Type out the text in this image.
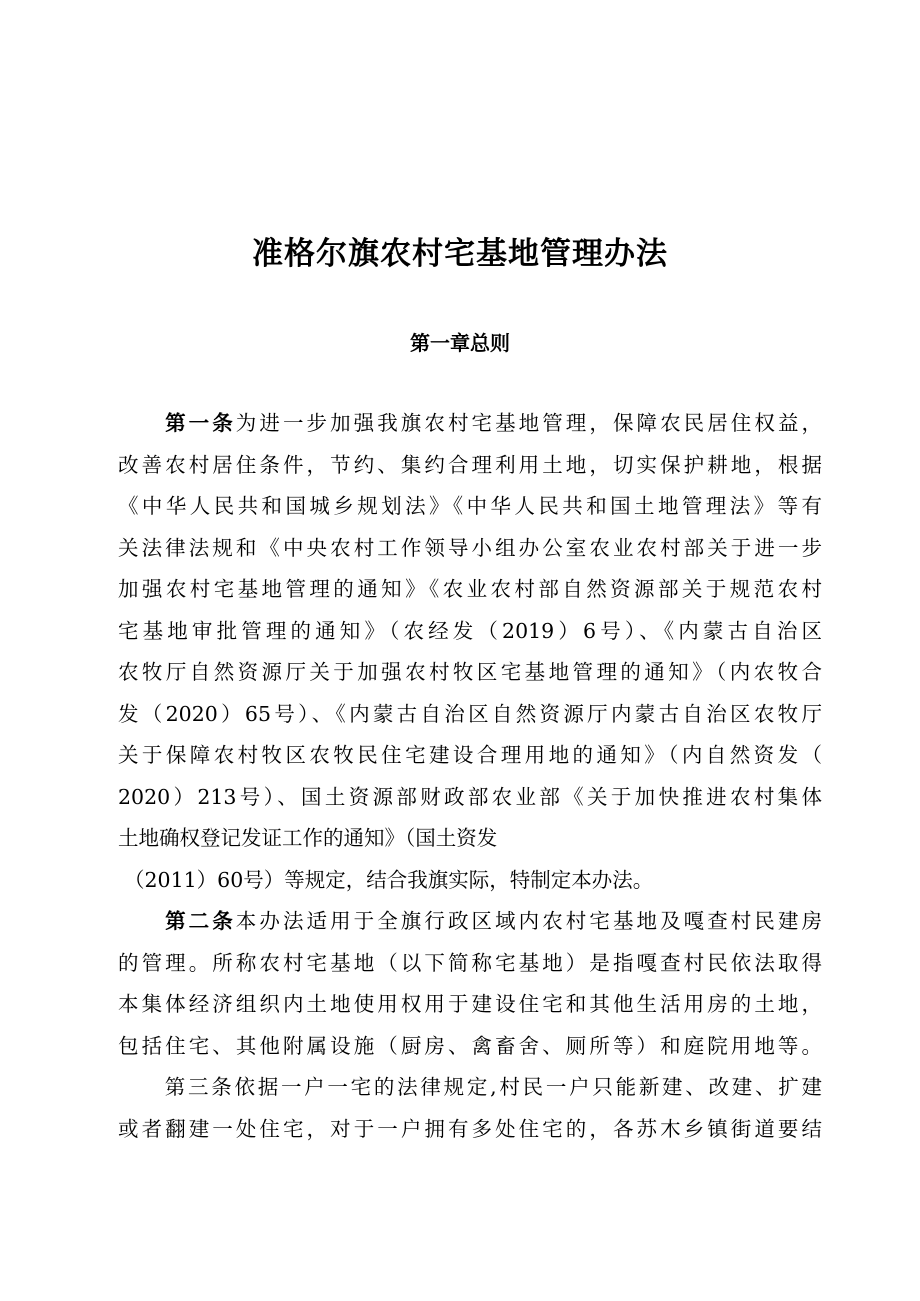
准格尔旗农村宅基地管理办法
第一章总则
第一条为进一步加强我旗农村宅基地管理，保障农民居住权益，
改善农村居住条件，节约、集约合理利用土地，切实保护耕地，根据
《中华人民共和国城乡规划法》《中华人民共和国土地管理法》等有
关法律法规和《中央农村工作领导小组办公室农业农村部关于进一步
加强农村宅基地管理的通知》《农业农村部自然资源部关于规范农村
宅基地审批管理的通知》（农经发（2019）6号）、《内蒙古自治区
农牧厅自然资源厅关于加强农村牧区宅基地管理的通知》（内农牧合
发（2020）65号）、《内蒙古自治区自然资源厅内蒙古自治区农牧厅
关于保障农村牧区农牧民住宅建设合理用地的通知》（内自然资发（
2020）213号）、国土资源部财政部农业部《关于加快推进农村集体
土地确权登记发证工作的通知》（国土资发
（2011）60号）等规定，结合我旗实际，特制定本办法。
第二条本办法适用于全旗行政区域内农村宅基地及嘎查村民建房
的管理。所称农村宅基地（以下简称宅基地）是指嘎查村民依法取得
本集体经济组织内土地使用权用于建设住宅和其他生活用房的土地，
包括住宅、其他附属设施（厨房、禽畜舍、厕所等）和庭院用地等。
第三条依据一户一宅的法律规定,村民一户只能新建、改建、扩建
或者翻建一处住宅，对于一户拥有多处住宅的，各苏木乡镇街道要结
